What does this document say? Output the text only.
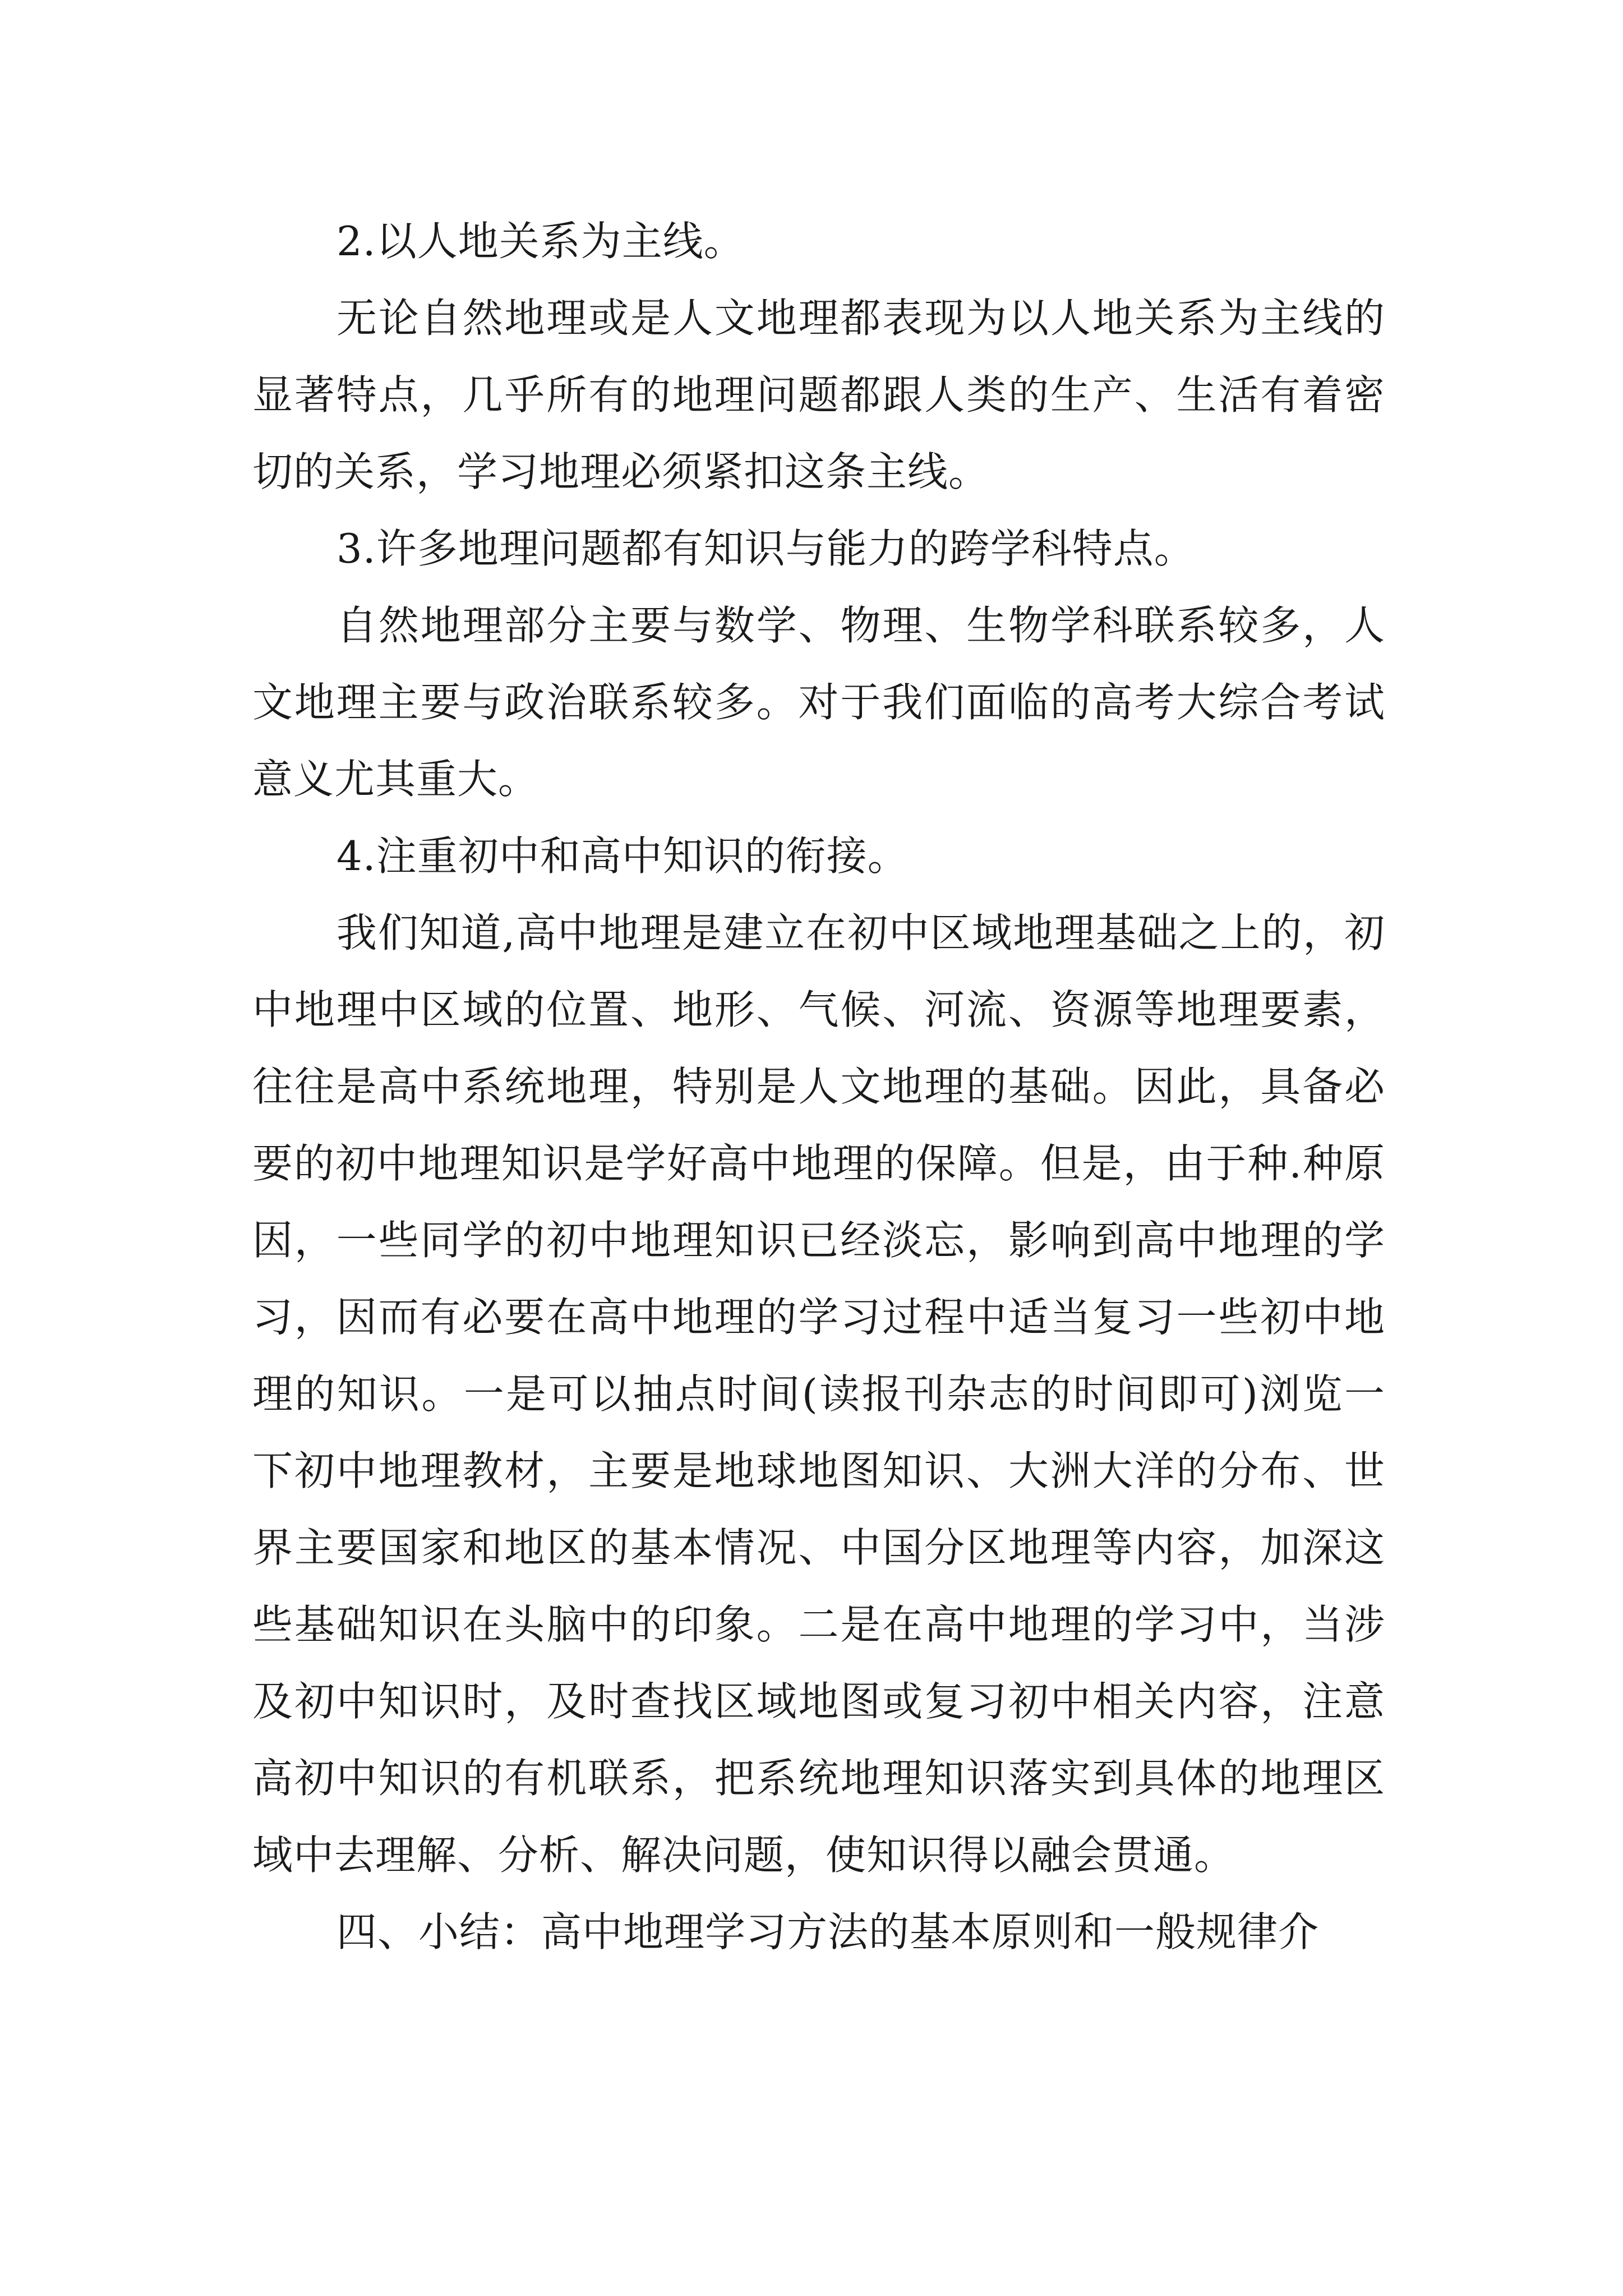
2.以人地关系为主线。

无论自然地理或是人文地理都表现为以人地关系为主线的显著特点，几乎所有的地理问题都跟人类的生产、生活有着密切的关系，学习地理必须紧扣这条主线。

3.许多地理问题都有知识与能力的跨学科特点。

自然地理部分主要与数学、物理、生物学科联系较多，人文地理主要与政治联系较多。对于我们面临的高考大综合考试意义尤其重大。

4.注重初中和高中知识的衔接。

我们知道,高中地理是建立在初中区域地理基础之上的，初中地理中区域的位置、地形、气候、河流、资源等地理要素，往往是高中系统地理，特别是人文地理的基础。因此，具备必要的初中地理知识是学好高中地理的保障。但是，由于种.种原因，一些同学的初中地理知识已经淡忘，影响到高中地理的学习，因而有必要在高中地理的学习过程中适当复习一些初中地理的知识。一是可以抽点时间(读报刊杂志的时间即可)浏览一下初中地理教材，主要是地球地图知识、大洲大洋的分布、世界主要国家和地区的基本情况、中国分区地理等内容，加深这些基础知识在头脑中的印象。二是在高中地理的学习中，当涉及初中知识时，及时查找区域地图或复习初中相关内容，注意高初中知识的有机联系，把系统地理知识落实到具体的地理区域中去理解、分析、解决问题，使知识得以融会贯通。

四、小结：高中地理学习方法的基本原则和一般规律介
